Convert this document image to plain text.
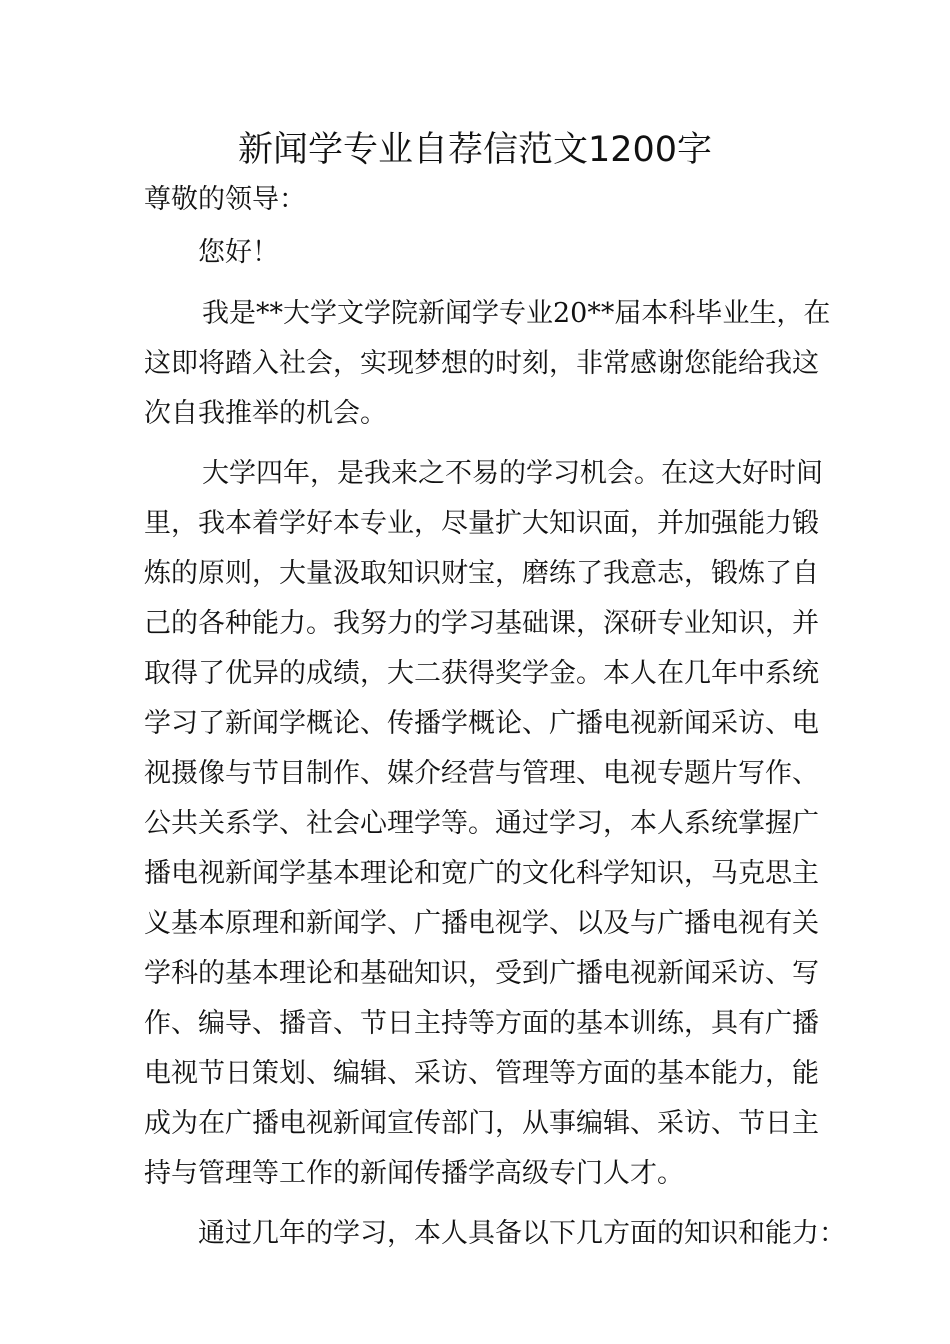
新闻学专业自荐信范文1200字

尊敬的领导：

您好！

我是**大学文学院新闻学专业20**届本科毕业生，在
这即将踏入社会，实现梦想的时刻，非常感谢您能给我这
次自我推举的机会。
大学四年，是我来之不易的学习机会。在这大好时间
里，我本着学好本专业，尽量扩大知识面，并加强能力锻
炼的原则，大量汲取知识财宝，磨练了我意志，锻炼了自
己的各种能力。我努力的学习基础课，深研专业知识，并
取得了优异的成绩，大二获得奖学金。本人在几年中系统
学习了新闻学概论、传播学概论、广播电视新闻采访、电
视摄像与节目制作、媒介经营与管理、电视专题片写作、
公共关系学、社会心理学等。通过学习，本人系统掌握广
播电视新闻学基本理论和宽广的文化科学知识，马克思主
义基本原理和新闻学、广播电视学、以及与广播电视有关
学科的基本理论和基础知识，受到广播电视新闻采访、写
作、编导、播音、节日主持等方面的基本训练，具有广播
电视节日策划、编辑、采访、管理等方面的基本能力，能
成为在广播电视新闻宣传部门，从事编辑、采访、节日主
持与管理等工作的新闻传播学高级专门人才。
通过几年的学习，本人具备以下几方面的知识和能力：
